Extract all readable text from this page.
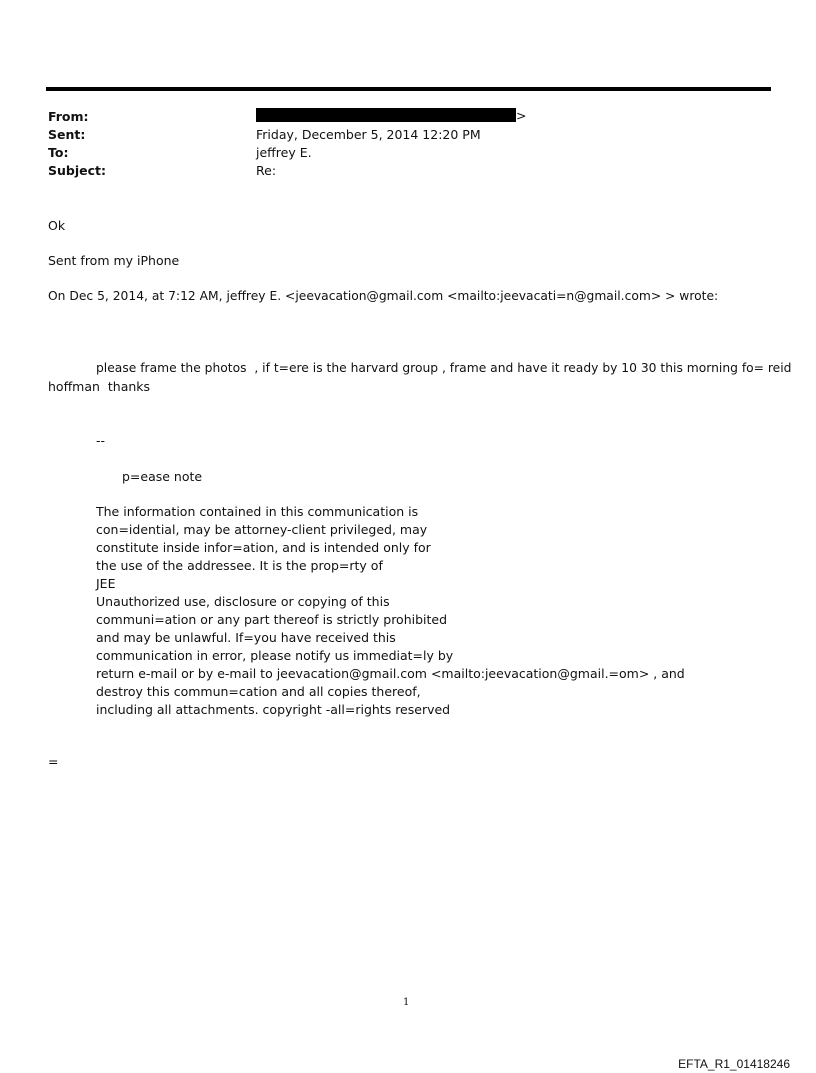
From:	>
Sent:	Friday, December 5, 2014 12:20 PM
To:	jeffrey E.
Subject:	Re:
Ok
Sent from my iPhone
On Dec 5, 2014, at 7:12 AM, jeffrey E. <jeevacation@gmail.com <mailto:jeevacati=n@gmail.com> > wrote:
please frame the photos  , if t=ere is the harvard group , frame and have it ready by 10 30 this morning fo= reid
hoffman  thanks
--
p=ease note
The information contained in this communication is
con=idential, may be attorney-client privileged, may
constitute inside infor=ation, and is intended only for
the use of the addressee. It is the prop=rty of
JEE
Unauthorized use, disclosure or copying of this
communi=ation or any part thereof is strictly prohibited
and may be unlawful. If=you have received this
communication in error, please notify us immediat=ly by
return e-mail or by e-mail to jeevacation@gmail.com <mailto:jeevacation@gmail.=om> , and
destroy this commun=cation and all copies thereof,
including all attachments. copyright -all=rights reserved
=
1
EFTA_R1_01418246
